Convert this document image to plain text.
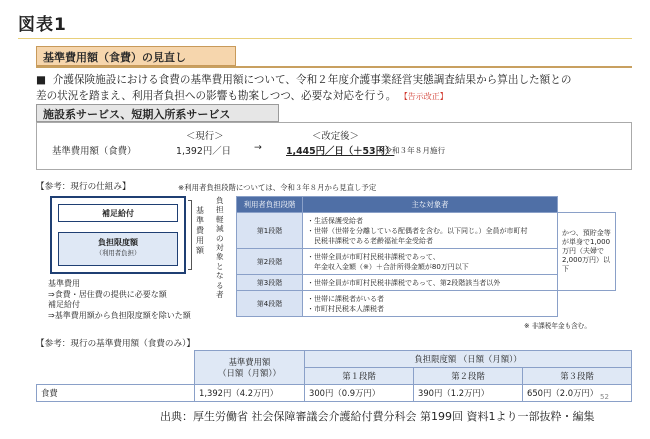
図表1
基準費用額（食費）の見直し
■ 介護保険施設における食費の基準費用額について、令和２年度介護事業経営実態調査結果から算出した額との
差の状況を踏まえ、利用者負担への影響も勘案しつつ、必要な対応を行う。 【告示改正】
施設系サービス、短期入所系サービス
＜現行＞	＜改定後＞
基準費用額（食費）	1,392円／日 →	1,445円／日（＋53円）
※令和３年８月施行
【参考：現行の仕組み】	※利用者負担段階については、令和３年８月から見直し予定
補足給付
負担限度額
（利用者負担）
基準費用額
負担軽減の対象となる者
基準費用
⇒食費・居住費の提供に必要な額
補足給付
⇒基準費用額から負担限度額を除いた額
利用者負担段階	主な対象者	
第1段階	・生活保護受給者
・世帯（世帯を分離している配偶者を含む。以下同じ。）全員が市町村
　民税非課税である老齢福祉年金受給者	かつ、預貯金等が単身で1,000万円（夫婦で2,000万円）以下
第2段階	・世帯全員が市町村民税非課税であって、
　年金収入金額（※）＋合計所得金額が80万円以下	

第3段階	・世帯全員が市町村民税非課税であって、第2段階該当者以外	
第4段階	・世帯に課税者がいる者
・市町村民税本人課税者	

※ 非課税年金も含む。
【参考：現行の基準費用額（食費のみ）】

	基準費用額
（日額（月額））	負担限度額 （日額（月額））		
		第１段階	第２段階	第３段階
食費	1,392円（4.2万円）	300円（0.9万円）	390円（1.2万円）	650円（2.0万円） 52
出典：厚生労働省 社会保障審議会介護給付費分科会 第199回 資料1より一部抜粋・編集
